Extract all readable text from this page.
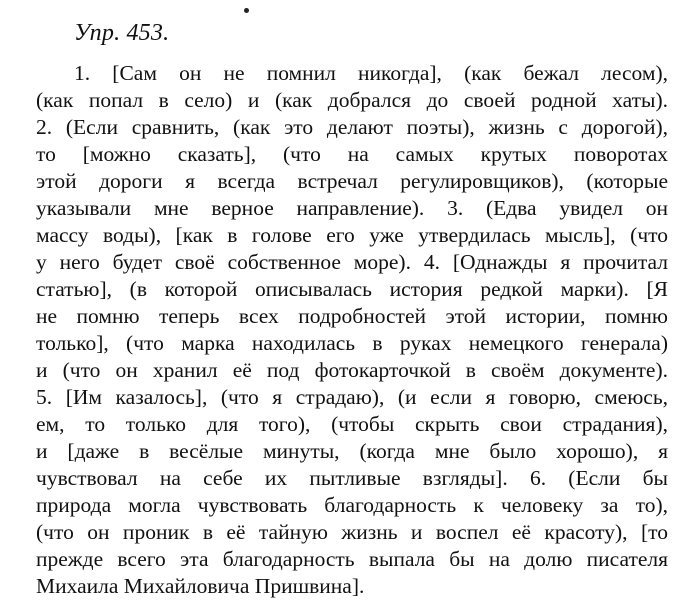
Упр. 453.
1. [Сам он не помнил никогда], (как бежал лесом),
(как попал в село) и (как добрался до своей родной хаты).
2. (Если сравнить, (как это делают поэты), жизнь с дорогой),
то [можно сказать], (что на самых крутых поворотах
этой дороги я всегда встречал регулировщиков), (которые
указывали мне верное направление). 3. (Едва увидел он
массу воды), [как в голове его уже утвердилась мысль], (что
у него будет своё собственное море). 4. [Однажды я прочитал
статью], (в которой описывалась история редкой марки). [Я
не помню теперь всех подробностей этой истории, помню
только], (что марка находилась в руках немецкого генерала)
и (что он хранил её под фотокарточкой в своём документе).
5. [Им казалось], (что я страдаю), (и если я говорю, смеюсь,
ем, то только для того), (чтобы скрыть свои страдания),
и [даже в весёлые минуты, (когда мне было хорошо), я
чувствовал на себе их пытливые взгляды]. 6. (Если бы
природа могла чувствовать благодарность к человеку за то),
(что он проник в её тайную жизнь и воспел её красоту), [то
прежде всего эта благодарность выпала бы на долю писателя
Михаила Михайловича Пришвина].
